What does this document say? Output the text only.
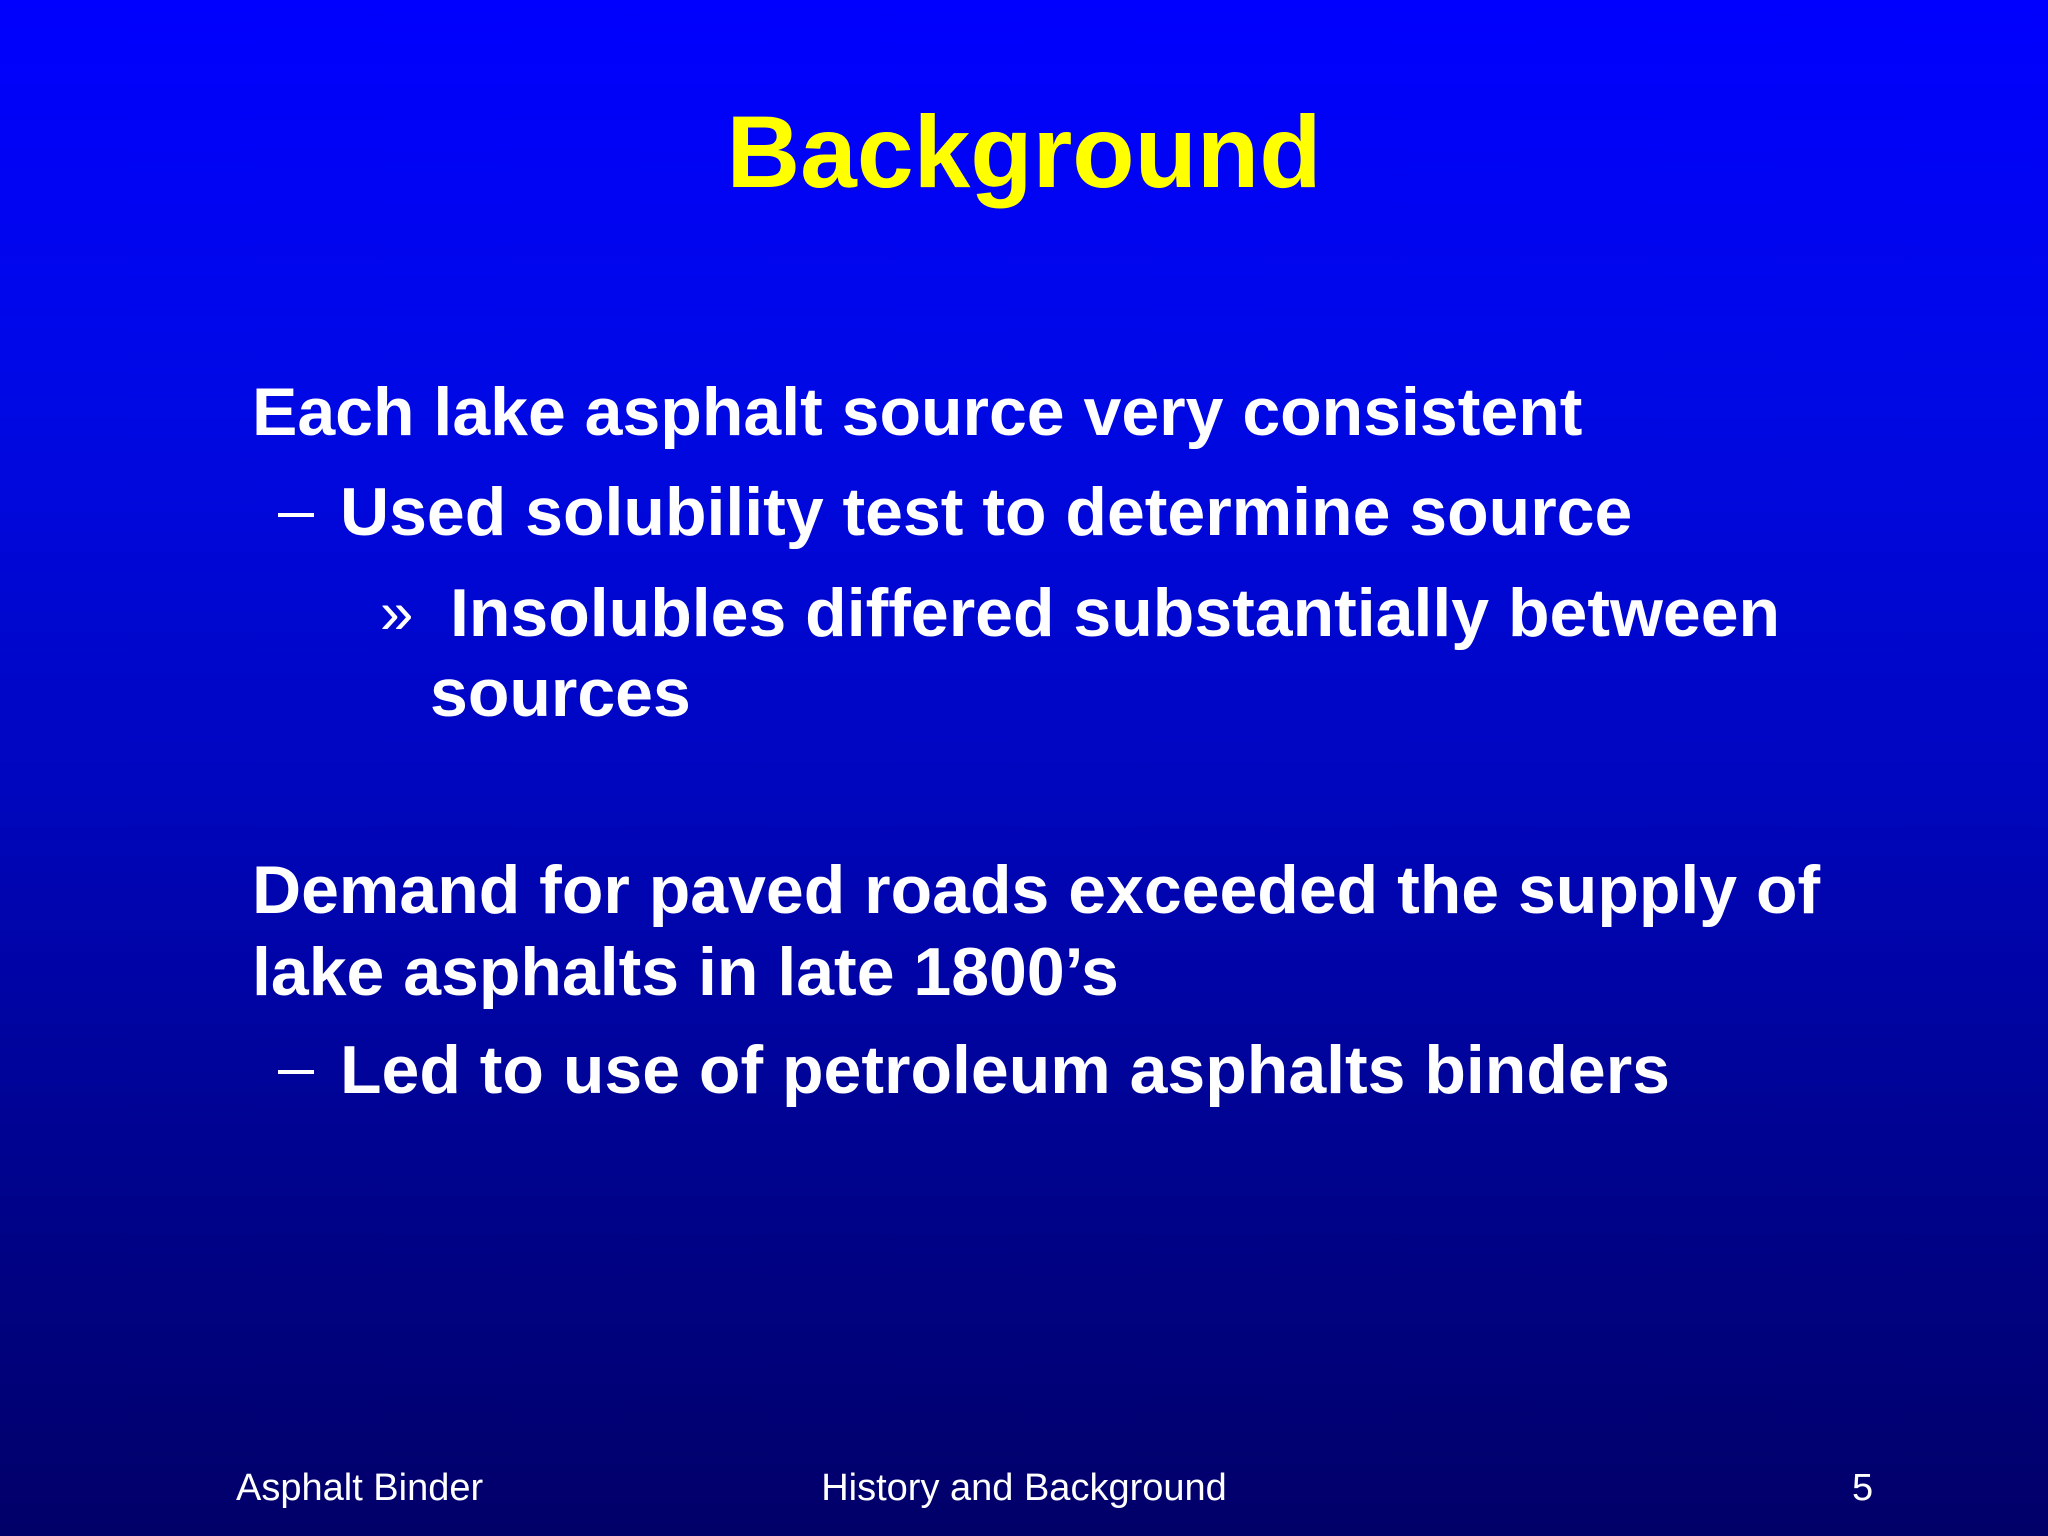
Background
Each lake asphalt source very consistent
Used solubility test to determine source
» Insolubles differed substantially between
sources
Demand for paved roads exceeded the supply of
lake asphalts in late 1800’s
Led to use of petroleum asphalts binders
Asphalt Binder	History and Background	5
